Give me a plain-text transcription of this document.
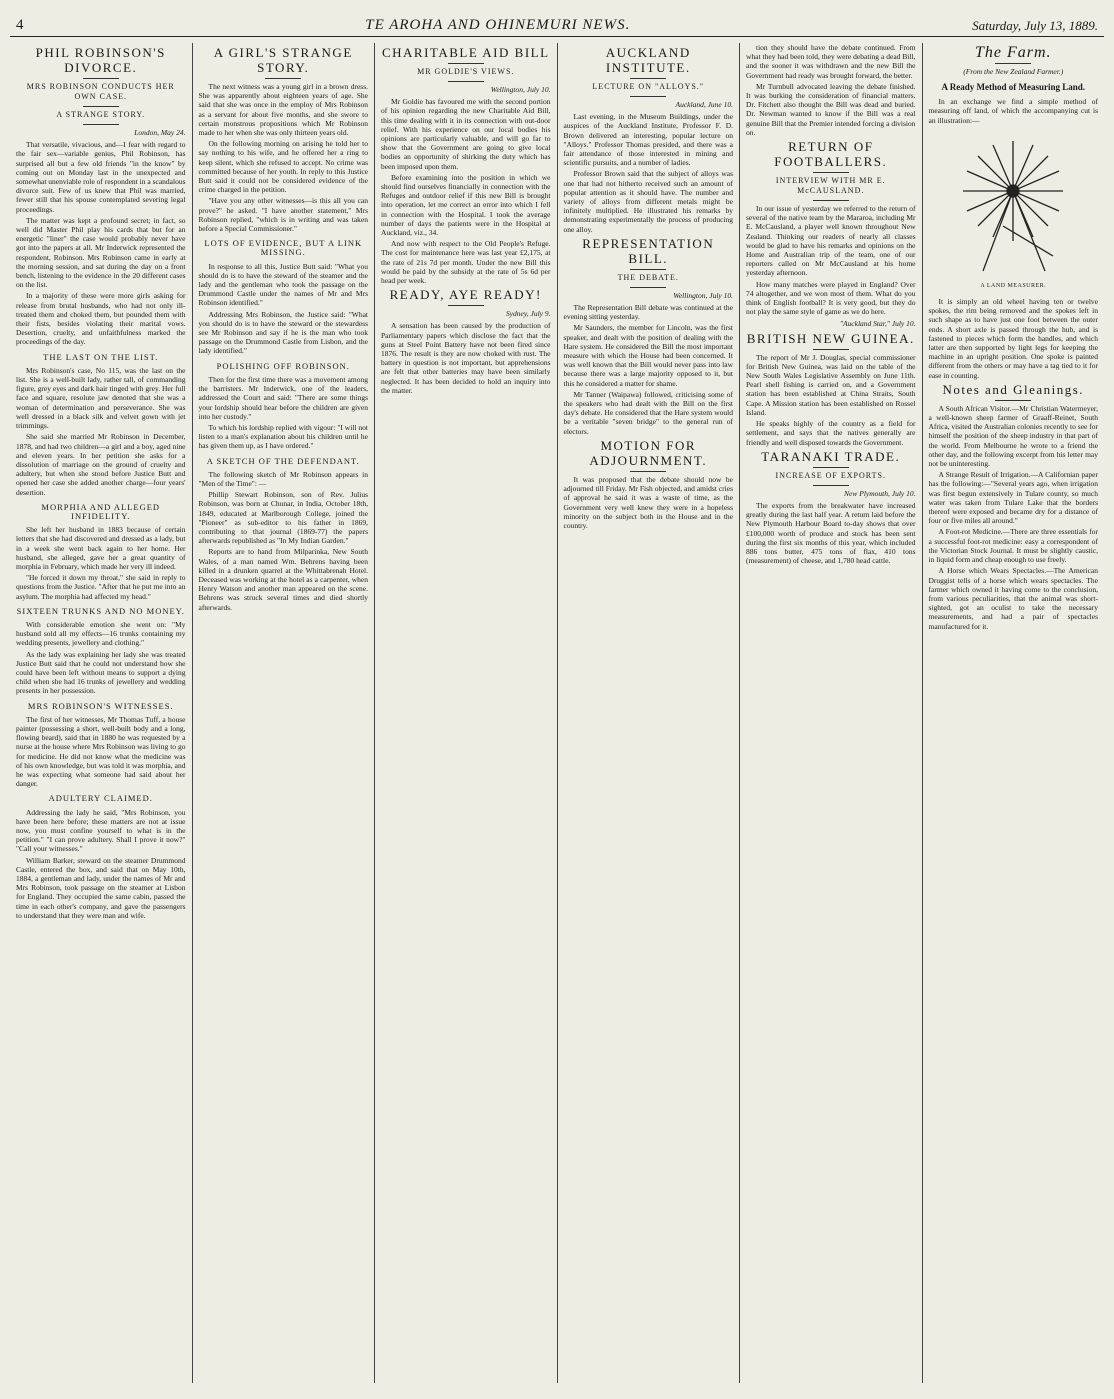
4	TE AROHA AND OHINEMURI NEWS.	Saturday, July 13, 1889.
PHIL ROBINSON'S DIVORCE.
MRS ROBINSON CONDUCTS HER OWN CASE.
A STRANGE STORY.
London, May 24.

That versatile, vivacious, and—I fear with regard to the fair sex—variable genius, Phil Robinson, has surprised all but a few old friends "in the know" by coming out on Monday last in the unexpected and somewhat unenviable role of respondent in a scandalous divorce suit. Few of us knew that Phil was married, fewer still that his spouse contemplated severing legal proceedings.

The matter was kept a profound secret; in fact, so well did Master Phil play his cards that but for an energetic "liner" the case would probably never have got into the papers at all. Mr Inderwick represented the respondent, Robinson. Mrs Robinson came in early at the morning session, and sat during the day on a front bench, listening to the evidence in the 20 different cases on the list.

In a majority of these were more girls asking for release from brutal husbands, who had not only ill-treated them and choked them, but pounded them with their fists, besides violating their marital vows. Desertion, cruelty, and unfaithfulness marked the proceedings of the day.

THE LAST ON THE LIST.

Mrs Robinson's case, No 115, was the last on the list. She is a well-built lady, rather tall, of commanding figure, grey eyes and dark hair tinged with grey. Her full face and square, resolute jaw denoted that she was a woman of determination and perseverance. She was well dressed in a black silk and velvet gown with jet trimmings.

She said she married Mr Robinson in December, 1878, and had two children—a girl and a boy, aged nine and eleven years. In her petition she asks for a dissolution of marriage on the ground of cruelty and adultery, but when she stood before Justice Butt and opened her case she added another charge—four years' desertion.

MORPHIA AND ALLEGED INFIDELITY.

She left her husband in 1883 because of certain letters that she had discovered and dressed as a lady, but in a week she went back again to her home. Her husband, she alleged, gave her a great quantity of morphia in February, which made her very ill indeed.

"He forced it down my throat," she said in reply to questions from the Justice. "After that he put me into an asylum. The morphia had affected my head."

SIXTEEN TRUNKS AND NO MONEY.

With considerable emotion she went on: "My husband sold all my effects—16 trunks containing my wedding presents, jewellery and clothing."

As the lady was explaining her lady she was treated Justice Butt said that he could not understand how she could have been left without means to support a dying child when she had 16 trunks of jewellery and wedding presents in her possession.

MRS ROBINSON'S WITNESSES.

The first of her witnesses, Mr Thomas Tuff, a house painter (possessing a short, well-built body and a long, flowing beard), said that in 1880 he was requested by a nurse at the house where Mrs Robinson was living to go for medicine. He did not know what the medicine was of his own knowledge, but was told it was morphia, and he was expecting what someone had said about her danger.

ADULTERY CLAIMED.

Addressing the lady he said, "Mrs Robinson, you have been here before; these matters are not at issue now, you must confine yourself to what is in the petition." "I can prove adultery. Shall I prove it now?" "Call your witnesses."

William Barker, steward on the steamer Drummond Castle, entered the box, and said that on May 10th, 1884, a gentleman and lady, under the names of Mr and Mrs Robinson, took passage on the steamer at Lisbon for England. They occupied the same cabin, passed the time in each other's company, and gave the passengers to understand that they were man and wife.

A GIRL'S STRANGE STORY.

The next witness was a young girl in a brown dress. She was apparently about eighteen years of age. She said that she was once in the employ of Mrs Robinson as a servant for about five months, and she swore to certain monstrous propositions which Mr Robinson made to her when she was only thirteen years old.

On the following morning on arising he told her to say nothing to his wife, and he offered her a ring to keep silent, which she refused to accept. No crime was committed because of her youth. In reply to this Justice Butt said it could not be considered evidence of the crime charged in the petition.

"Have you any other witnesses—is this all you can prove?" he asked. "I have another statement," Mrs Robinson replied, "which is in writing and was taken before a Special Commissioner."

LOTS OF EVIDENCE, BUT A LINK MISSING.

In response to all this, Justice Butt said: "What you should do is to have the steward of the steamer and the lady and the gentleman who took the passage on the Drummond Castle under the names of Mr and Mrs Robinson identified."

Addressing Mrs Robinson, the Justice said: "What you should do is to have the steward or the stewardess see Mr Robinson and say if he is the man who took passage on the Drummond Castle from Lisbon, and the lady identified."

POLISHING OFF ROBINSON.

Then for the first time there was a movement among the barristers. Mr Inderwick, one of the leaders, addressed the Court and said: "There are some things your lordship should hear before the children are given into her custody."

To which his lordship replied with vigour: "I will not listen to a man's explanation about his children until he has given them up, as I have ordered."

A SKETCH OF THE DEFENDANT.

The following sketch of Mr Robinson appears in "Men of the Time": —

Phillip Stewart Robinson, son of Rev. Julius Robinson, was born at Chunar, in India, October 18th, 1849, educated at Marlborough College, joined the "Pioneer" as sub-editor to his father in 1869, contributing to that journal (1869-77) the papers afterwards republished as "In My Indian Garden."

Reports are to hand from Milparinka, New South Wales, of a man named Wm. Behrens having been killed in a drunken quarrel at the Whittabrenah Hotel. Deceased was working at the hotel as a carpenter, when Henry Watson and another man appeared on the scene. Behrens was struck several times and died shortly afterwards.

CHARITABLE AID BILL
MR GOLDIE'S VIEWS.
Wellington, July 10.

Mr Goldie has favoured me with the second portion of his opinion regarding the new Charitable Aid Bill, this time dealing with it in its connection with out-door relief. With his experience on our local bodies his opinions are particularly valuable, and will go far to show that the Government are going to give local bodies an opportunity of shirking the duty which has been imposed upon them.

Before examining into the position in which we should find ourselves financially in connection with the Refuges and outdoor relief if this new Bill is brought into operation, let me correct an error into which I fell in connection with the Hospital. I took the average number of days the patients were in the Hospital at Auckland, viz., 34.

And now with respect to the Old People's Refuge. The cost for maintenance here was last year £2,175, at the rate of 21s 7d per month. Under the new Bill this would be paid by the subsidy at the rate of 5s 6d per head per week.

READY, AYE READY!
Sydney, July 9.

A sensation has been caused by the production of Parliamentary papers which disclose the fact that the guns at Steel Point Battery have not been fired since 1876. The result is they are now choked with rust. The battery in question is not important, but apprehensions are felt that other batteries may have been similarly neglected. It has been decided to hold an inquiry into the matter.

AUCKLAND INSTITUTE.
LECTURE ON "ALLOYS."
Auckland, June 10.

Last evening, in the Museum Buildings, under the auspices of the Auckland Institute, Professor F. D. Brown delivered an interesting, popular lecture on "Alloys." Professor Thomas presided, and there was a fair attendance of those interested in mining and scientific pursuits, and a number of ladies.

Professor Brown said that the subject of alloys was one that had not hitherto received such an amount of popular attention as it should have. The number and variety of alloys from different metals might be infinitely multiplied. He illustrated his remarks by demonstrating experimentally the process of producing one alloy.

REPRESENTATION BILL.
THE DEBATE.
Wellington, July 10.

The Representation Bill debate was continued at the evening sitting yesterday.

Mr Saunders, the member for Lincoln, was the first speaker, and dealt with the position of dealing with the Hare system. He considered the Bill the most important measure with which the House had been concerned. It was well known that the Bill would never pass into law because there was a large majority opposed to it, but this he considered a matter for shame.

Mr Tanner (Waipawa) followed, criticising some of the speakers who had dealt with the Bill on the first day's debate. He considered that the Hare system would be a veritable "seven bridge" to the general run of electors.

MOTION FOR ADJOURNMENT.

It was proposed that the debate should now be adjourned till Friday. Mr Fish objected, and amidst cries of approval he said it was a waste of time, as the Government very well knew they were in a hopeless minority on the subject both in the House and in the country.

tion they should have the debate continued. From what they had been told, they were debating a dead Bill, and the sooner it was withdrawn and the new Bill the Government had ready was brought forward, the better.

Mr Turnbull advocated leaving the debate finished. It was burking the consideration of financial matters. Dr. Fitchett also thought the Bill was dead and buried. Dr. Newman wanted to know if the Bill was a real genuine Bill that the Premier intended forcing a division on.

RETURN OF FOOTBALLERS.
INTERVIEW WITH MR E. McCAUSLAND.

In our issue of yesterday we referred to the return of several of the native team by the Mararoa, including Mr E. McCausland, a player well known throughout New Zealand. Thinking our readers of nearly all classes would be glad to have his remarks and opinions on the Home and Australian trip of the team, one of our reporters called on Mr McCausland at his home yesterday afternoon.

How many matches were played in England? Over 74 altogether, and we won most of them. What do you think of English football? It is very good, but they do not play the same style of game as we do here.

"Auckland Star," July 10.
BRITISH NEW GUINEA.

The report of Mr J. Douglas, special commissioner for British New Guinea, was laid on the table of the New South Wales Legislative Assembly on June 11th. Pearl shell fishing is carried on, and a Government station has been established at China Straits, South Cape. A Mission station has been established on Rossel Island.

He speaks highly of the country as a field for settlement, and says that the natives generally are friendly and well disposed towards the Government.

TARANAKI TRADE.
INCREASE OF EXPORTS.
New Plymouth, July 10.

The exports from the breakwater have increased greatly during the last half year. A return laid before the New Plymouth Harbour Board to-day shows that over £100,000 worth of produce and stock has been sent during the first six months of this year, which included 886 tons butter, 475 tons of flax, 410 tons (measurement) of cheese, and 1,780 head cattle.

The Farm.
(From the New Zealand Farmer.)
A Ready Method of Measuring Land.

In an exchange we find a simple method of measuring off land, of which the accompanying cut is an illustration:—

A LAND MEASURER.

It is simply an old wheel having ten or twelve spokes, the rim being removed and the spokes left in such shape as to have just one foot between the outer ends. A short axle is passed through the hub, and is fastened to pieces which form the handles, and which latter are then supported by light legs for keeping the machine in an upright position. One spoke is painted different from the others or may have a tag tied to it for ease in counting.

Notes and Gleanings.

A South African Visitor.—Mr Christian Watermeyer, a well-known sheep farmer of Graaff-Reinet, South Africa, visited the Australian colonies recently to see for himself the position of the sheep industry in that part of the world. From Melbourne he wrote to a friend the other day, and the following excerpt from his letter may not be uninteresting.

A Strange Result of Irrigation.—A Californian paper has the following:—"Several years ago, when irrigation was first begun extensively in Tulare county, so much water was taken from Tulare Lake that the borders thereof were exposed and became dry for a distance of four or five miles all around."

A Foot-rot Medicine.—There are three essentials for a successful foot-rot medicine: easy a correspondent of the Victorian Stock Journal. It must be slightly caustic, in liquid form and cheap enough to use freely.

A Horse which Wears Spectacles.—The American Druggist tells of a horse which wears spectacles. The farmer which owned it having come to the conclusion, from various peculiarities, that the animal was short-sighted, got an oculist to take the necessary measurements, and had a pair of spectacles manufactured for it.
